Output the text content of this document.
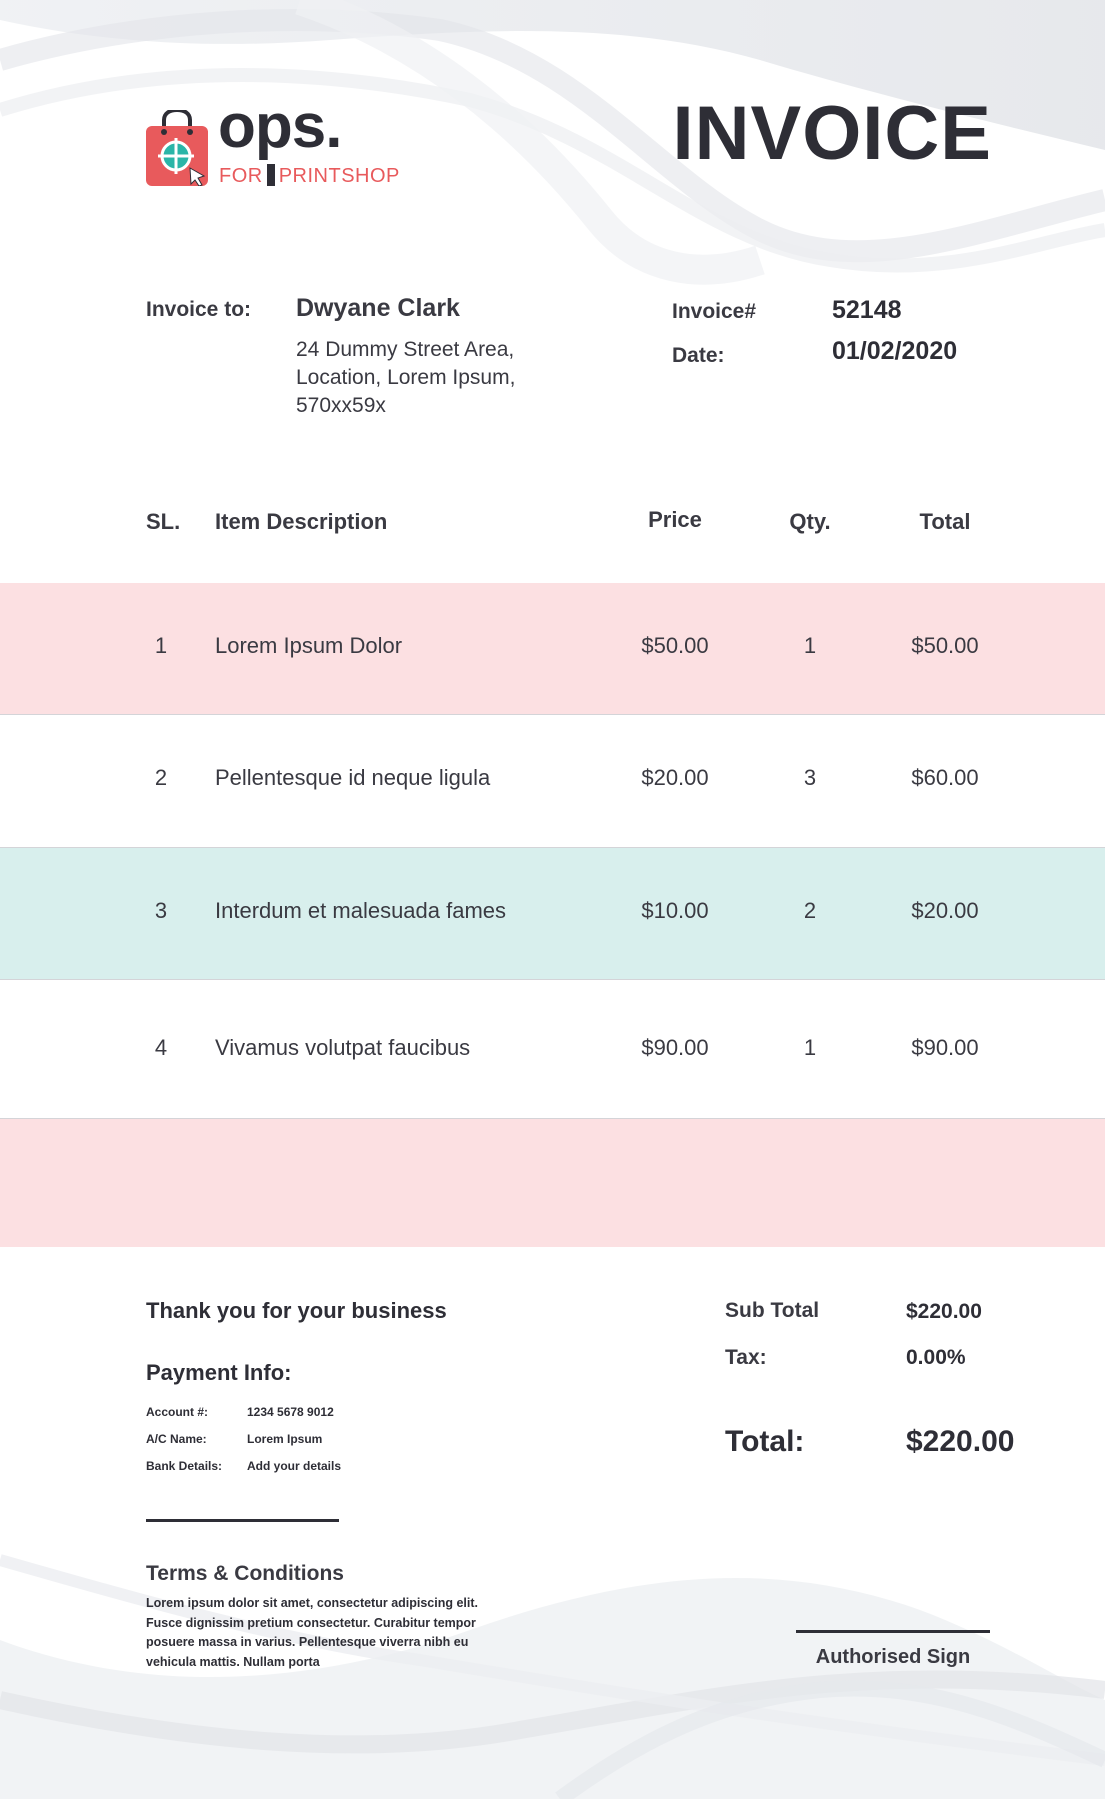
ops.
FOR PRINTSHOP	INVOICE
Invoice to: Dwyane Clark
24 Dummy Street Area,
Location, Lorem Ipsum,
570xx59x
Invoice#	52148
Date:	01/02/2020
SL. Item Description	Price	Qty.	Total
1	Lorem Ipsum Dolor	$50.00	1	$50.00
2	Pellentesque id neque ligula	$20.00	3	$60.00
3	Interdum et malesuada fames	$10.00	2	$20.00
4	Vivamus volutpat faucibus	$90.00	1	$90.00
Thank you for your business
Payment Info:
Account #:	1234 5678 9012
A/C Name:	Lorem Ipsum
Bank Details: Add your details
Terms & Conditions
Lorem ipsum dolor sit amet, consectetur adipiscing elit.
Fusce dignissim pretium consectetur. Curabitur tempor
posuere massa in varius. Pellentesque viverra nibh eu
vehicula mattis. Nullam porta
Sub Total	$220.00
Tax:	0.00%
Total:	$220.00
Authorised Sign
